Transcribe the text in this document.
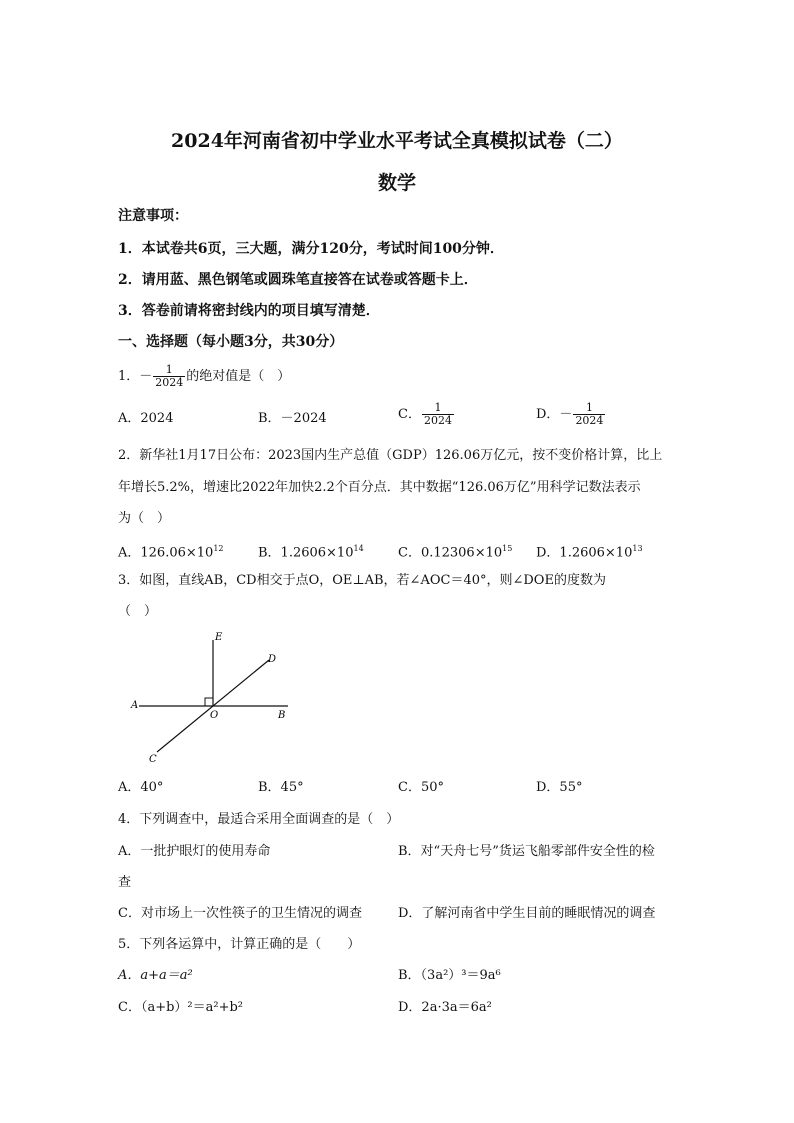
2024年河南省初中学业水平考试全真模拟试卷（二）
数学
注意事项：
1．本试卷共6页，三大题，满分120分，考试时间100分钟．
2．请用蓝、黑色钢笔或圆珠笔直接答在试卷或答题卡上．
3．答卷前请将密封线内的项目填写清楚．
一、选择题（每小题3分，共30分）
1．－ $\frac{1}{2024}$ 的绝对值是（　）
A．2024	B．－2024	C． $\frac{1}{2024}$	D．－ $\frac{1}{2024}$
2．新华社1月17日公布：2023国内生产总值（GDP）126.06万亿元，按不变价格计算，比上
年增长5.2%，增速比2022年加快2.2个百分点．其中数据“126.06万亿”用科学记数法表示
为（　）
A．$126.06\times 10^{12}$	B．$1.2606\times 10^{14}$	C．$0.12306\times 10^{15}$ D．$1.2606\times 10^{13}$
3．如图，直线AB，CD相交于点O，OE⊥AB，若∠AOC＝40°，则∠DOE的度数为
（　）
E
D
A
O	B
C
A．40°	B．45°	C．50°	D．55°
4．下列调查中，最适合采用全面调查的是（　）
A．一批护眼灯的使用寿命	B．对“天舟七号”货运飞船零部件安全性的检
查
C．对市场上一次性筷子的卫生情况的调查	D．了解河南省中学生目前的睡眠情况的调查
5．下列各运算中，计算正确的是（　　）
A．a+a＝a²	B．（3a²）³＝9a⁶
C．（a+b）²＝a²+b²	D．2a·3a＝6a²
